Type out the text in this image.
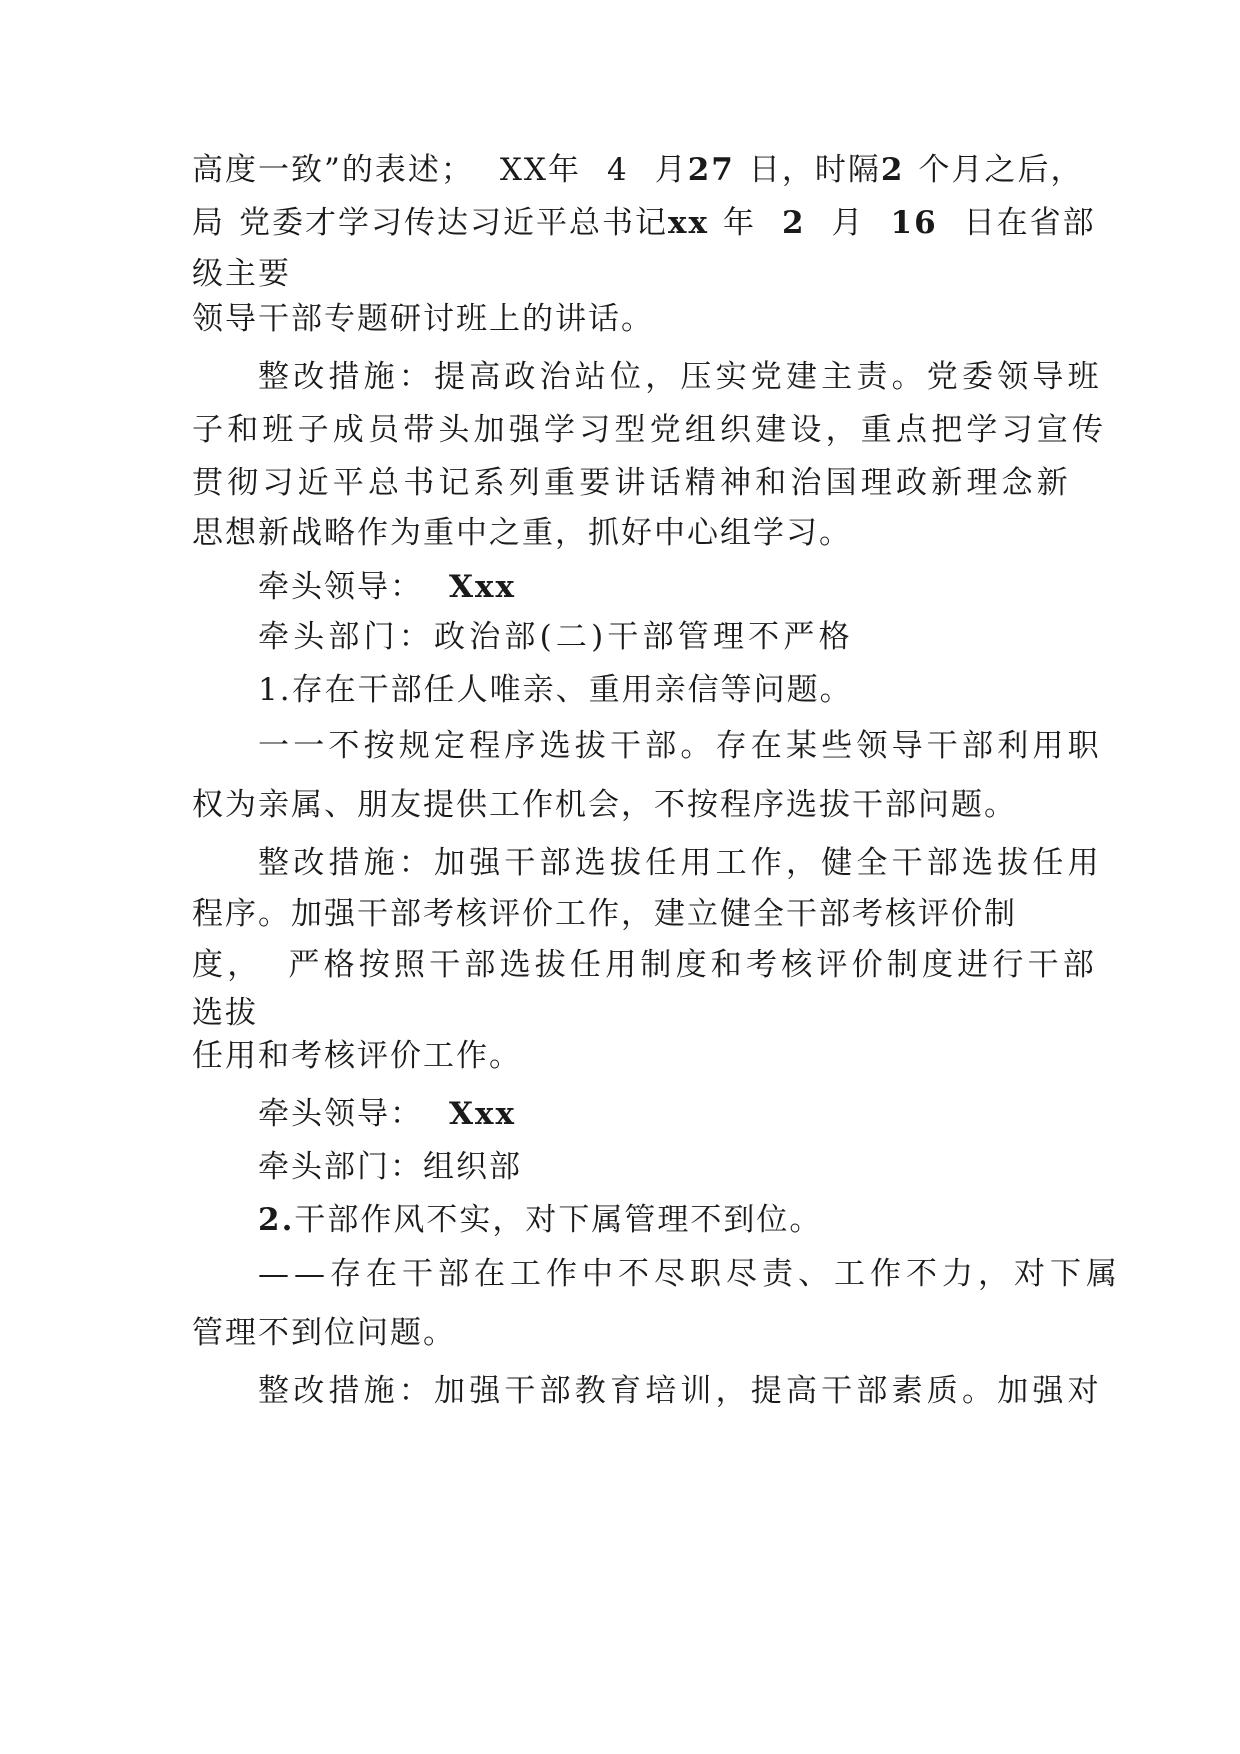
高度一致”的表述； XX年 4 月27 日，时隔2 个月之后，

局 党委才学习传达习近平总书记xx 年 2 月 16 日在省部

级主要

领导干部专题研讨班上的讲话。

整改措施：提高政治站位，压实党建主责。党委领导班

子和班子成员带头加强学习型党组织建设，重点把学习宣传

贯彻习近平总书记系列重要讲话精神和治国理政新理念新

思想新战略作为重中之重，抓好中心组学习。

牵头领导： Xxx

牵头部门：政治部(二)干部管理不严格

1.存在干部任人唯亲、重用亲信等问题。

一一不按规定程序选拔干部。存在某些领导干部利用职

权为亲属、朋友提供工作机会，不按程序选拔干部问题。

整改措施：加强干部选拔任用工作，健全干部选拔任用

程序。加强干部考核评价工作，建立健全干部考核评价制

度， 严格按照干部选拔任用制度和考核评价制度进行干部

选拔

任用和考核评价工作。

牵头领导： Xxx

牵头部门：组织部

2.干部作风不实，对下属管理不到位。

——存在干部在工作中不尽职尽责、工作不力，对下属

管理不到位问题。

整改措施：加强干部教育培训，提高干部素质。加强对
